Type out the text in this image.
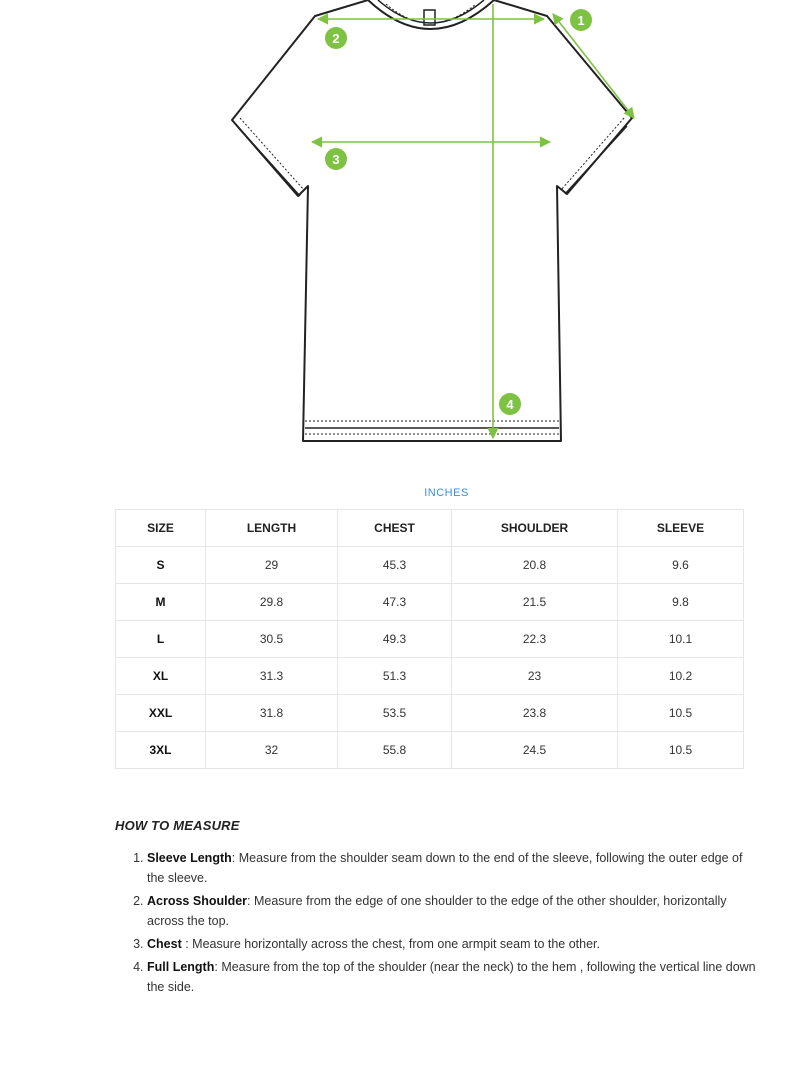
1
2
3
4
INCHES
SIZE	LENGTH	CHEST	SHOULDER	SLEEVE
S	29	45.3	20.8	9.6
M	29.8	47.3	21.5	9.8
L	30.5	49.3	22.3	10.1
XL	31.3	51.3	23	10.2
XXL	31.8	53.5	23.8	10.5
3XL	32	55.8	24.5	10.5
HOW TO MEASURE
1. Sleeve Length: Measure from the shoulder seam down to the end of the sleeve, following the outer edge of the sleeve.
2. Across Shoulder: Measure from the edge of one shoulder to the edge of the other shoulder, horizontally across the top.
3. Chest : Measure horizontally across the chest, from one armpit seam to the other.
4. Full Length: Measure from the top of the shoulder (near the neck) to the hem , following the vertical line down the side.
